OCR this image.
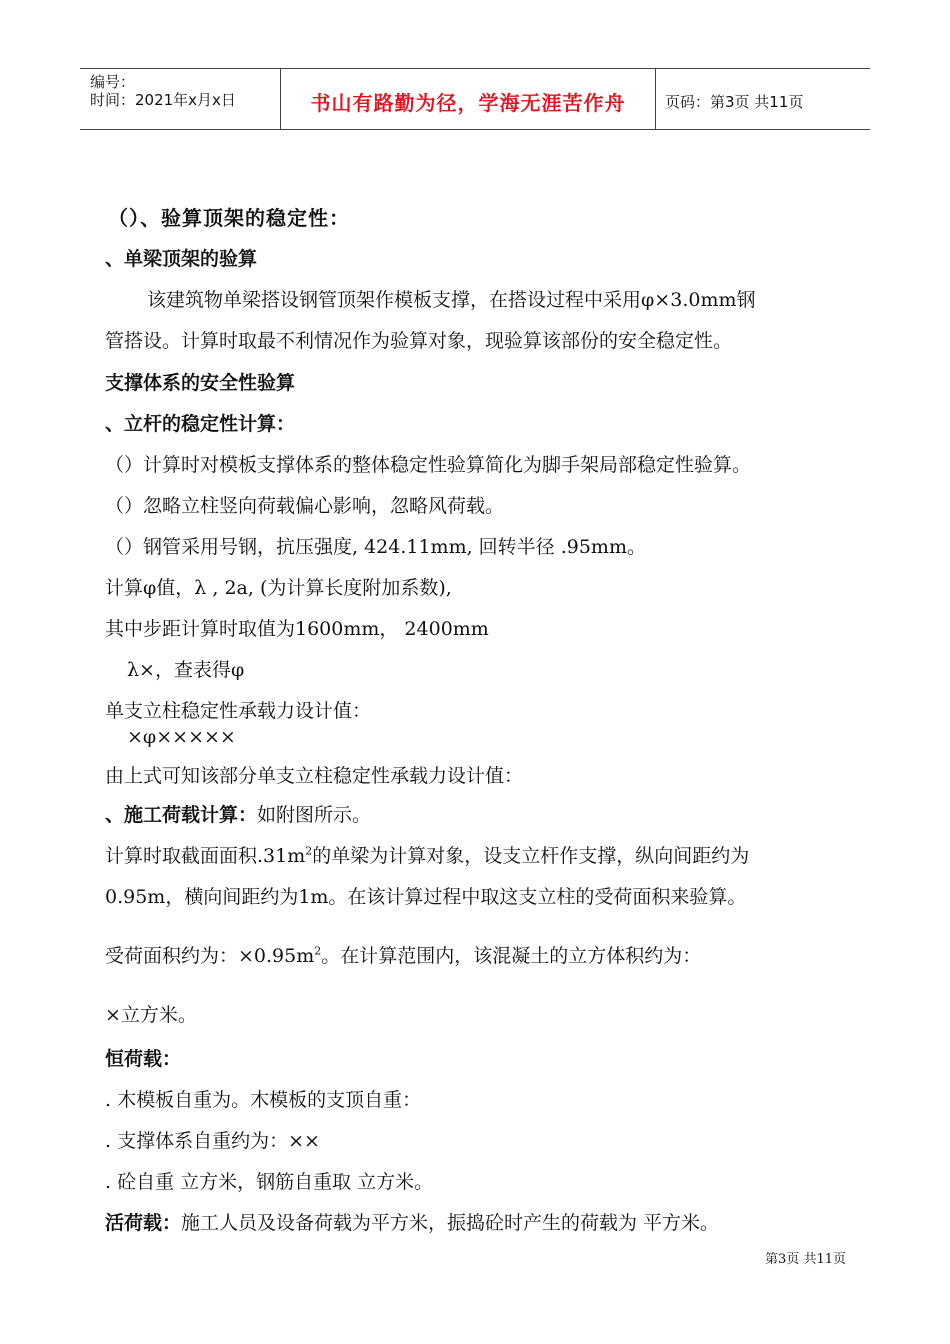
编号：
时间：2021年x月x日	书山有路勤为径，学海无涯苦作舟	页码：第3页 共11页
（）、验算顶架的稳定性：
、单梁顶架的验算
该建筑物单梁搭设钢管顶架作模板支撑，在搭设过程中采用φ×3.0mm钢
管搭设。计算时取最不利情况作为验算对象，现验算该部份的安全稳定性。
支撑体系的安全性验算
、立杆的稳定性计算：
（）计算时对模板支撑体系的整体稳定性验算简化为脚手架局部稳定性验算。
（）忽略立柱竖向荷载偏心影响，忽略风荷载。
（）钢管采用号钢，抗压强度, 424.11mm, 回转半径 .95mm。
计算φ值，λ , 2a, (为计算长度附加系数),
其中步距计算时取值为1600mm， 2400mm
λ×，查表得φ
单支立柱稳定性承载力设计值：
×φ×××××
由上式可知该部分单支立柱稳定性承载力设计值：
、施工荷载计算：如附图所示。
计算时取截面面积$.31m^2$的单梁为计算对象，设支立杆作支撑，纵向间距约为
0.95m，横向间距约为1m。在该计算过程中取这支立柱的受荷面积来验算。
受荷面积约为：$\times 0.95m^2$。在计算范围内，该混凝土的立方体积约为：
×立方米。
恒荷载：
. 木模板自重为。木模板的支顶自重：
. 支撑体系自重约为：××
. 砼自重 立方米，钢筋自重取 立方米。
活荷载：施工人员及设备荷载为平方米，振捣砼时产生的荷载为 平方米。
第3页 共11页
